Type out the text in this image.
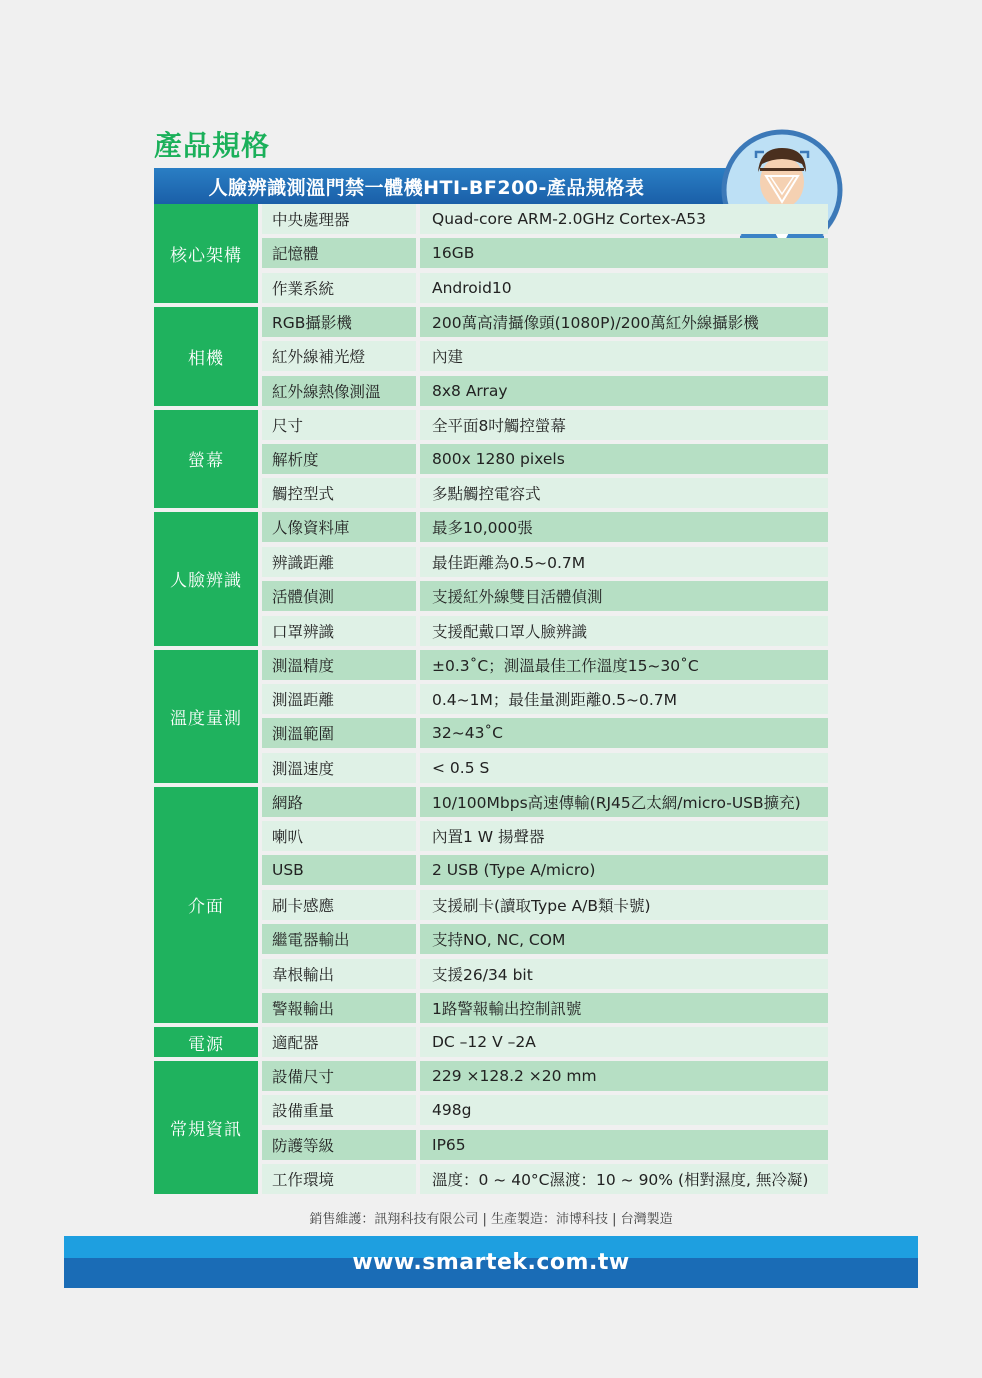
產品規格
人臉辨識測溫門禁一體機HTI-BF200-產品規格表
核心架構
中央處理器	Quad-core ARM-2.0GHz Cortex-A53
記憶體	16GB
作業系統	Android10
相機
RGB攝影機	200萬高清攝像頭(1080P)/200萬紅外線攝影機
紅外線補光燈	內建
紅外線熱像測溫	8x8 Array
螢幕
尺寸	全平面8吋觸控螢幕
解析度	800x 1280 pixels
觸控型式	多點觸控電容式
人臉辨識
人像資料庫	最多10,000張
辨識距離	最佳距離為0.5~0.7M
活體偵測	支援紅外線雙目活體偵測
口罩辨識	支援配戴口罩人臉辨識
溫度量測
測溫精度	±0.3˚C；測溫最佳工作溫度15~30˚C
測溫距離	0.4~1M；最佳量測距離0.5~0.7M
測溫範圍	32~43˚C
測溫速度	< 0.5 S
介面
網路	10/100Mbps高速傳輸(RJ45乙太網/micro-USB擴充)
喇叭	內置1 W 揚聲器
USB	2 USB (Type A/micro)
刷卡感應	支援刷卡(讀取Type A/B類卡號)
繼電器輸出	支持NO, NC, COM
韋根輸出	支援26/34 bit
警報輸出	1路警報輸出控制訊號
電源	適配器	DC –12 V –2A
常規資訊
設備尺寸	229 ×128.2 ×20 mm
設備重量	498g
防護等級	IP65
工作環境	溫度：0 ~ 40°C濕渡：10 ~ 90% (相對濕度, 無冷凝)
銷售維護：訊翔科技有限公司 | 生產製造：沛博科技 | 台灣製造
www.smartek.com.tw
